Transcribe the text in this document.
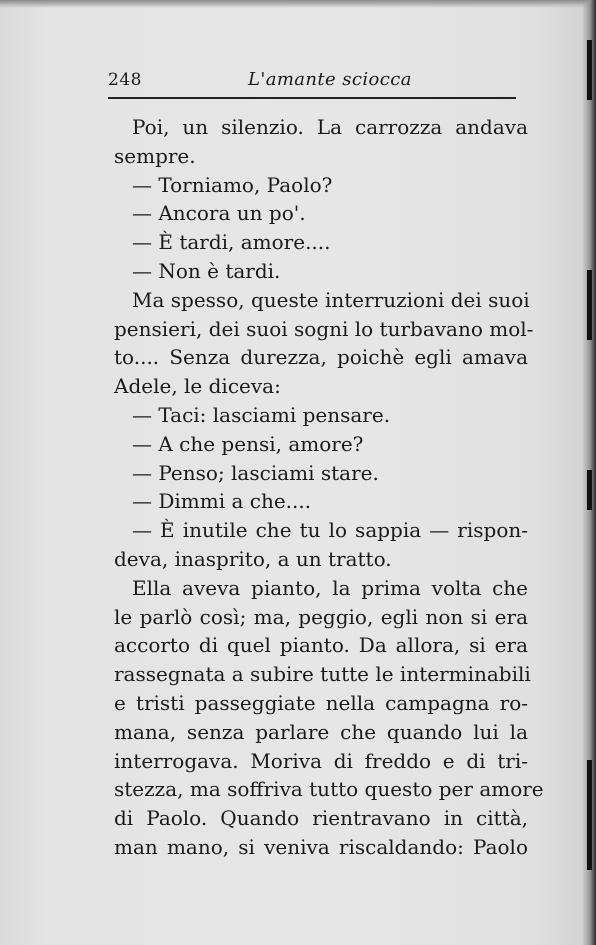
248	L'amante sciocca
Poi, un silenzio. La carrozza andava
sempre.
— Torniamo, Paolo?
— Ancora un po'.
— È tardi, amore....
— Non è tardi.
Ma spesso, queste interruzioni dei suoi
pensieri, dei suoi sogni lo turbavano mol-
to.... Senza durezza, poichè egli amava
Adele, le diceva:
— Taci: lasciami pensare.
— A che pensi, amore?
— Penso; lasciami stare.
— Dimmi a che....
— È inutile che tu lo sappia — rispon-
deva, inasprito, a un tratto.
Ella aveva pianto, la prima volta che
le parlò così; ma, peggio, egli non si era
accorto di quel pianto. Da allora, si era
rassegnata a subire tutte le interminabili
e tristi passeggiate nella campagna ro-
mana, senza parlare che quando lui la
interrogava. Moriva di freddo e di tri-
stezza, ma soffriva tutto questo per amore
di Paolo. Quando rientravano in città,
man mano, si veniva riscaldando: Paolo
